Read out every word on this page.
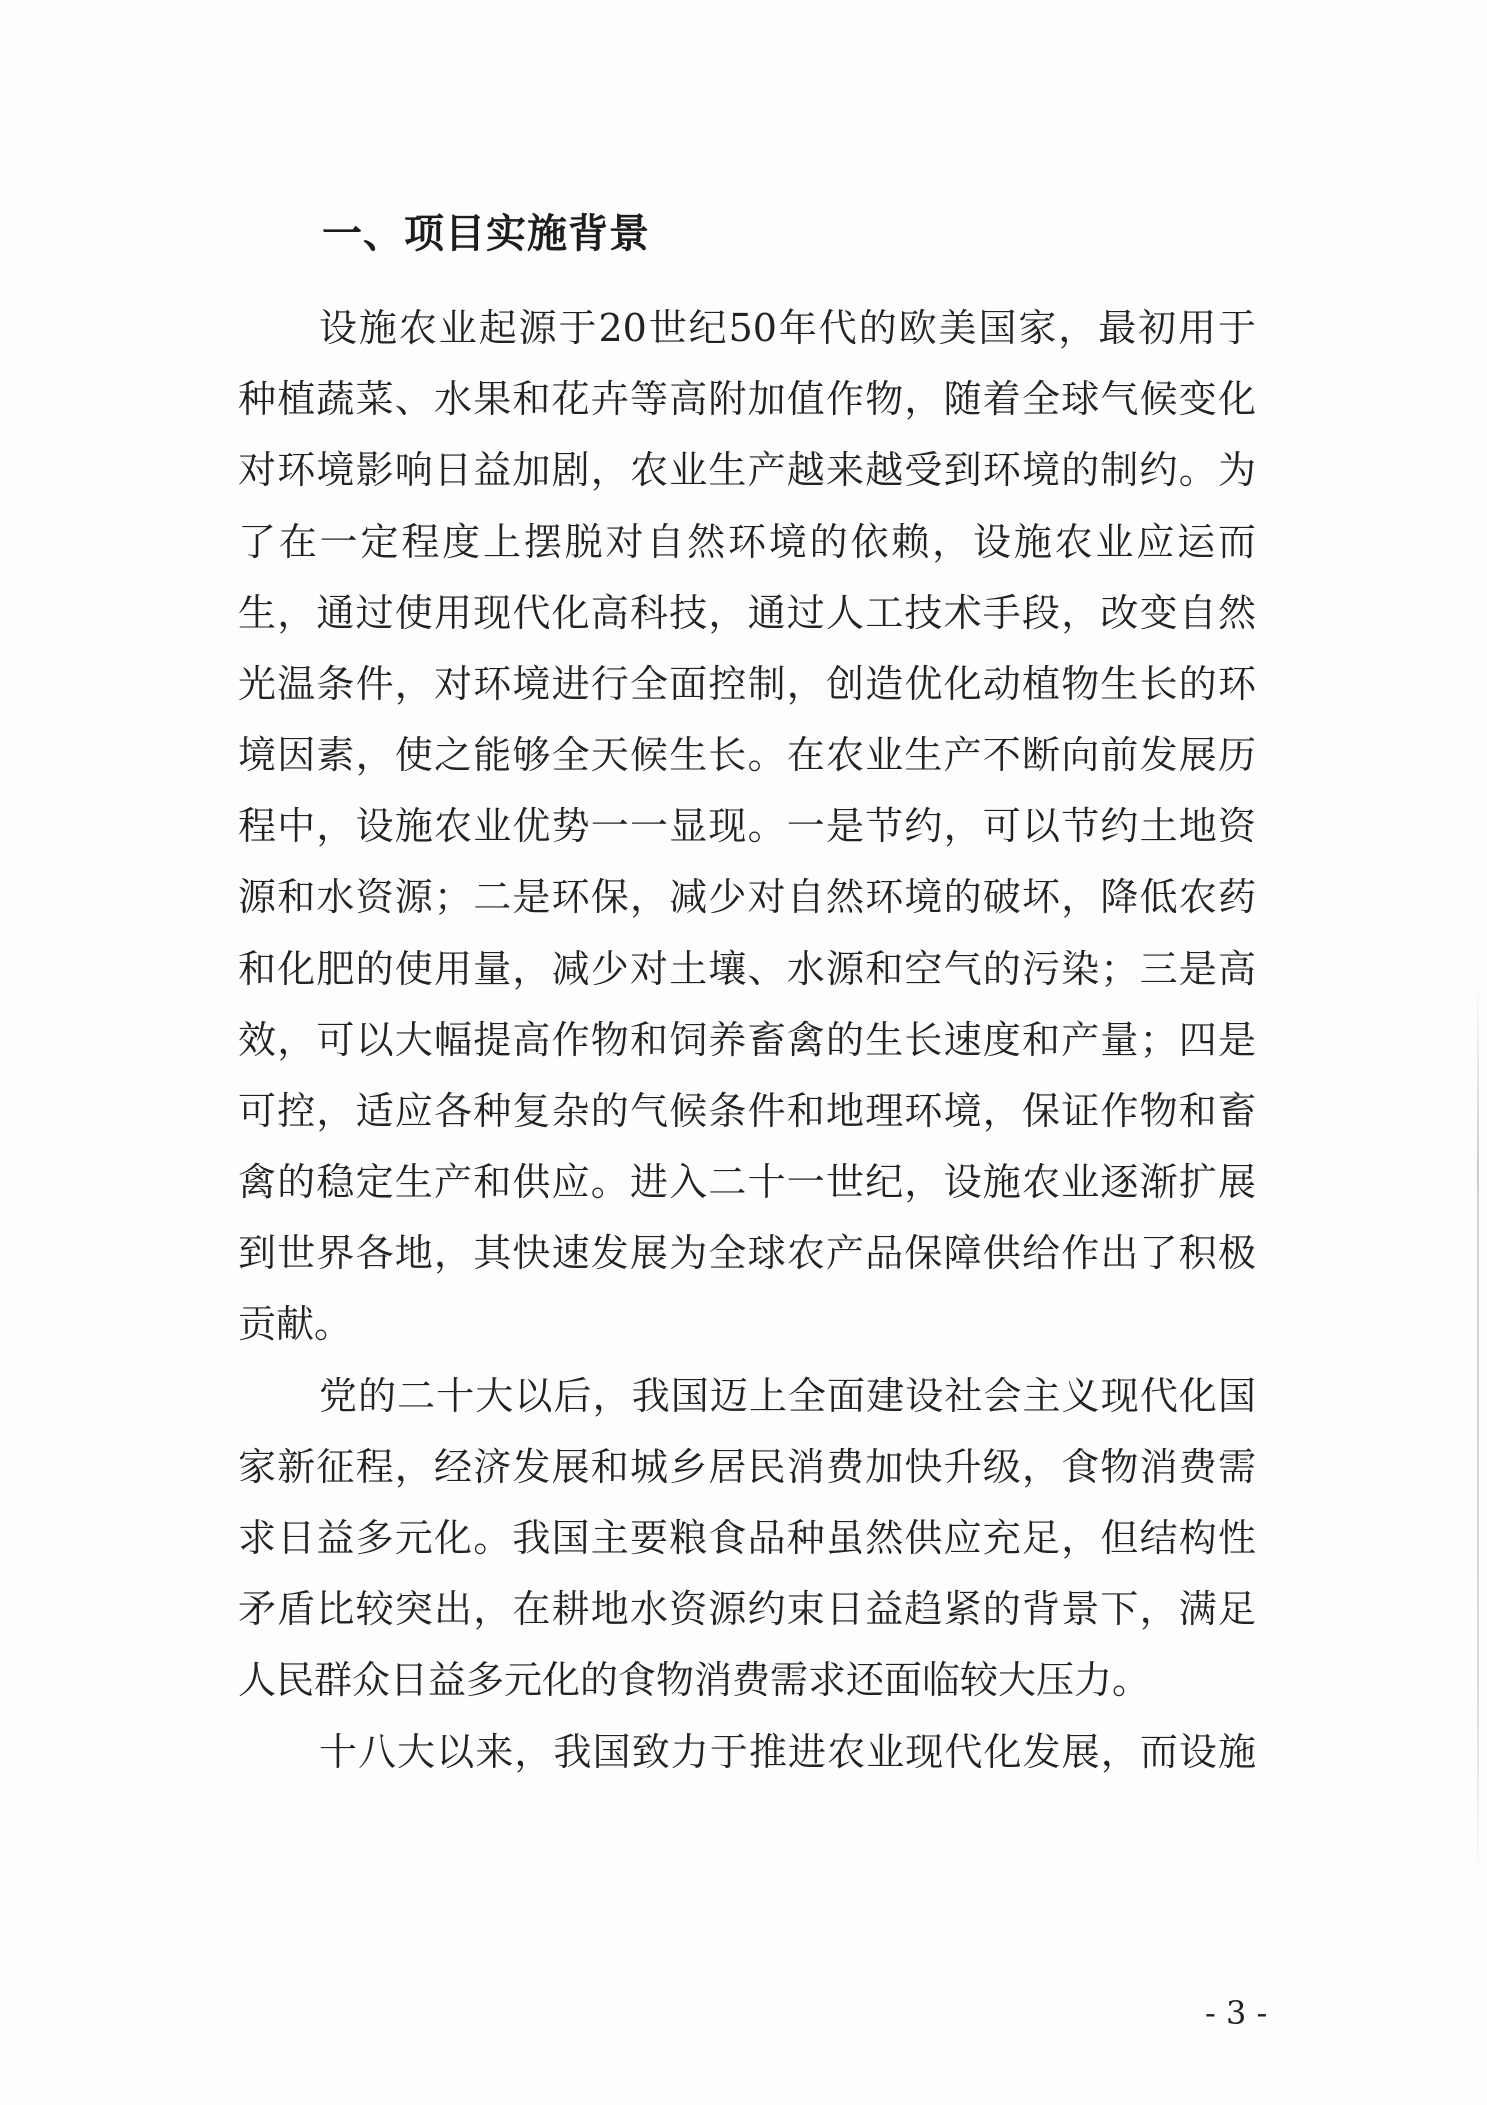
一、项目实施背景

设施农业起源于20世纪50年代的欧美国家，最初用于

种植蔬菜、水果和花卉等高附加值作物，随着全球气候变化

对环境影响日益加剧，农业生产越来越受到环境的制约。为

了在一定程度上摆脱对自然环境的依赖，设施农业应运而

生，通过使用现代化高科技，通过人工技术手段，改变自然

光温条件，对环境进行全面控制，创造优化动植物生长的环

境因素，使之能够全天候生长。在农业生产不断向前发展历

程中，设施农业优势一一显现。一是节约，可以节约土地资

源和水资源；二是环保，减少对自然环境的破坏，降低农药

和化肥的使用量，减少对土壤、水源和空气的污染；三是高

效，可以大幅提高作物和饲养畜禽的生长速度和产量；四是

可控，适应各种复杂的气候条件和地理环境，保证作物和畜

禽的稳定生产和供应。进入二十一世纪，设施农业逐渐扩展

到世界各地，其快速发展为全球农产品保障供给作出了积极

贡献。

党的二十大以后，我国迈上全面建设社会主义现代化国

家新征程，经济发展和城乡居民消费加快升级，食物消费需

求日益多元化。我国主要粮食品种虽然供应充足，但结构性

矛盾比较突出，在耕地水资源约束日益趋紧的背景下，满足

人民群众日益多元化的食物消费需求还面临较大压力。

十八大以来，我国致力于推进农业现代化发展，而设施

- 3 -
